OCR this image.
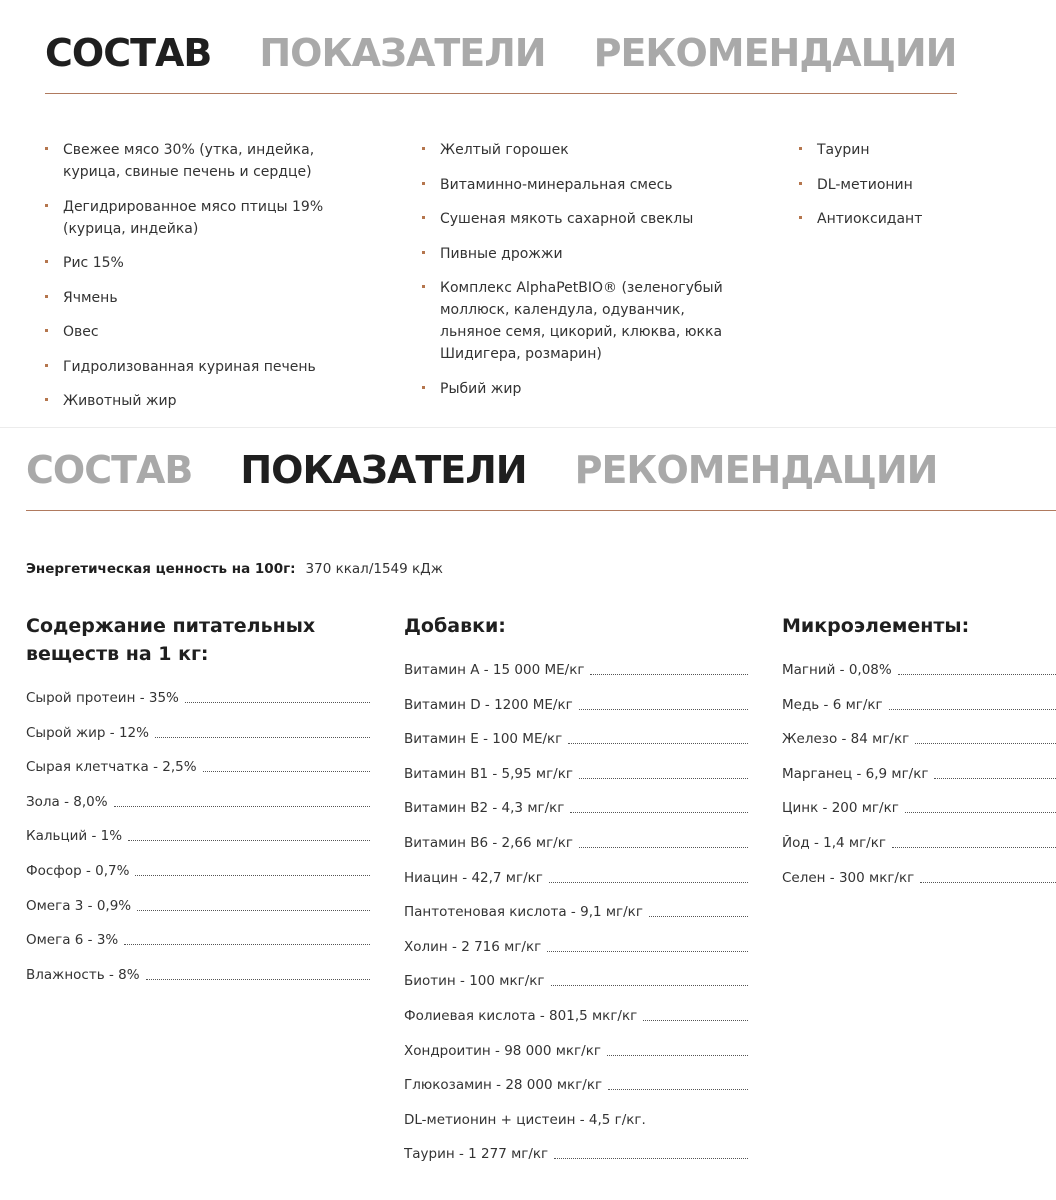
СОСТАВ ПОКАЗАТЕЛИ РЕКОМЕНДАЦИИ
Свежее мясо 30% (утка, индейка, курица, свиные печень и сердце)
Дегидрированное мясо птицы 19% (курица, индейка)
Рис 15%
Ячмень
Овес
Гидролизованная куриная печень
Животный жир
Желтый горошек
Витаминно-минеральная смесь
Сушеная мякоть сахарной свеклы
Пивные дрожжи
Комплекс AlphaPetBIO® (зеленогубый моллюск, календула, одуванчик, льняное семя, цикорий, клюква, юкка Шидигера, розмарин)
Рыбий жир
Таурин
DL-метионин
Антиоксидант
СОСТАВ ПОКАЗАТЕЛИ РЕКОМЕНДАЦИИ
Энергетическая ценность на 100г: 370 ккал/1549 кДж
Содержание питательных веществ на 1 кг:
Сырой протеин - 35%
Сырой жир - 12%
Сырая клетчатка - 2,5%
Зола - 8,0%
Кальций - 1%
Фосфор - 0,7%
Омега 3 - 0,9%
Омега 6 - 3%
Влажность - 8%
Добавки:
Витамин А - 15 000 МЕ/кг
Витамин D - 1200 МЕ/кг
Витамин Е - 100 МЕ/кг
Витамин В1 - 5,95 мг/кг
Витамин В2 - 4,3 мг/кг
Витамин В6 - 2,66 мг/кг
Ниацин - 42,7 мг/кг
Пантотеновая кислота - 9,1 мг/кг
Холин - 2 716 мг/кг
Биотин - 100 мкг/кг
Фолиевая кислота - 801,5 мкг/кг
Хондроитин - 98 000 мкг/кг
Глюкозамин - 28 000 мкг/кг
DL-метионин + цистеин - 4,5 г/кг.
Таурин - 1 277 мг/кг
Микроэлементы:
Магний - 0,08%
Медь - 6 мг/кг
Железо - 84 мг/кг
Марганец - 6,9 мг/кг
Цинк - 200 мг/кг
Йод - 1,4 мг/кг
Селен - 300 мкг/кг
